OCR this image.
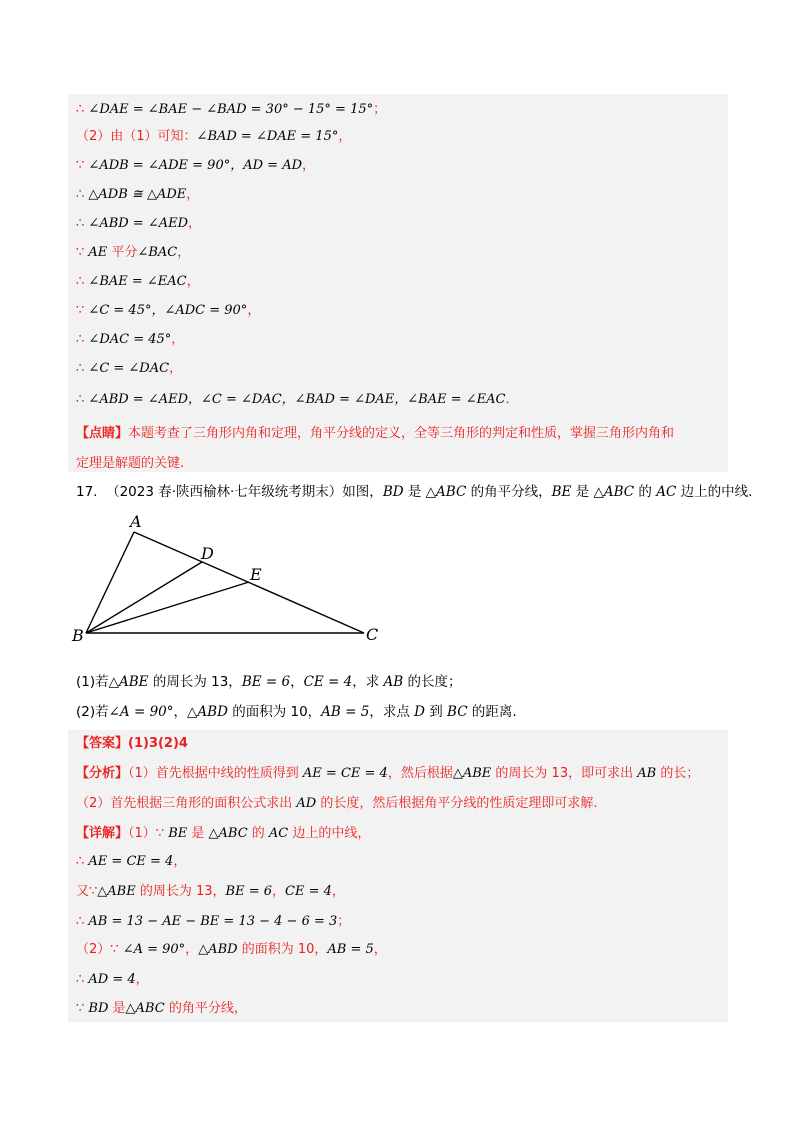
∴ ∠DAE = ∠BAE − ∠BAD = 30° − 15° = 15°；
（2）由（1）可知：∠BAD = ∠DAE = 15°，
∵ ∠ADB = ∠ADE = 90°，AD = AD，
∴ △ADB ≅ △ADE，
∴ ∠ABD = ∠AED，
∵ AE 平分∠BAC，
∴ ∠BAE = ∠EAC，
∵ ∠C = 45°，∠ADC = 90°，
∴ ∠DAC = 45°，
∴ ∠C = ∠DAC，
∴ ∠ABD = ∠AED，∠C = ∠DAC，∠BAD = ∠DAE，∠BAE = ∠EAC．
【点睛】本题考查了三角形内角和定理，角平分线的定义，全等三角形的判定和性质，掌握三角形内角和
定理是解题的关键.
17. （2023 春·陕西榆林·七年级统考期末）如图，BD 是 △ABC 的角平分线，BE 是 △ABC 的 AC 边上的中线.
A
D
E
B	C
(1)若△ABE 的周长为 13，BE = 6，CE = 4，求 AB 的长度；
(2)若∠A = 90°，△ABD 的面积为 10，AB = 5，求点 D 到 BC 的距离.
【答案】(1)3(2)4
【分析】（1）首先根据中线的性质得到 AE = CE = 4，然后根据△ABE 的周长为 13，即可求出 AB 的长；
（2）首先根据三角形的面积公式求出 AD 的长度，然后根据角平分线的性质定理即可求解.
【详解】（1）∵ BE 是 △ABC 的 AC 边上的中线，
∴ AE = CE = 4，
又∵△ABE 的周长为 13，BE = 6，CE = 4，
∴ AB = 13 − AE − BE = 13 − 4 − 6 = 3；
（2）∵ ∠A = 90°，△ABD 的面积为 10，AB = 5，
∴ AD = 4，
∵ BD 是△ABC 的角平分线，
